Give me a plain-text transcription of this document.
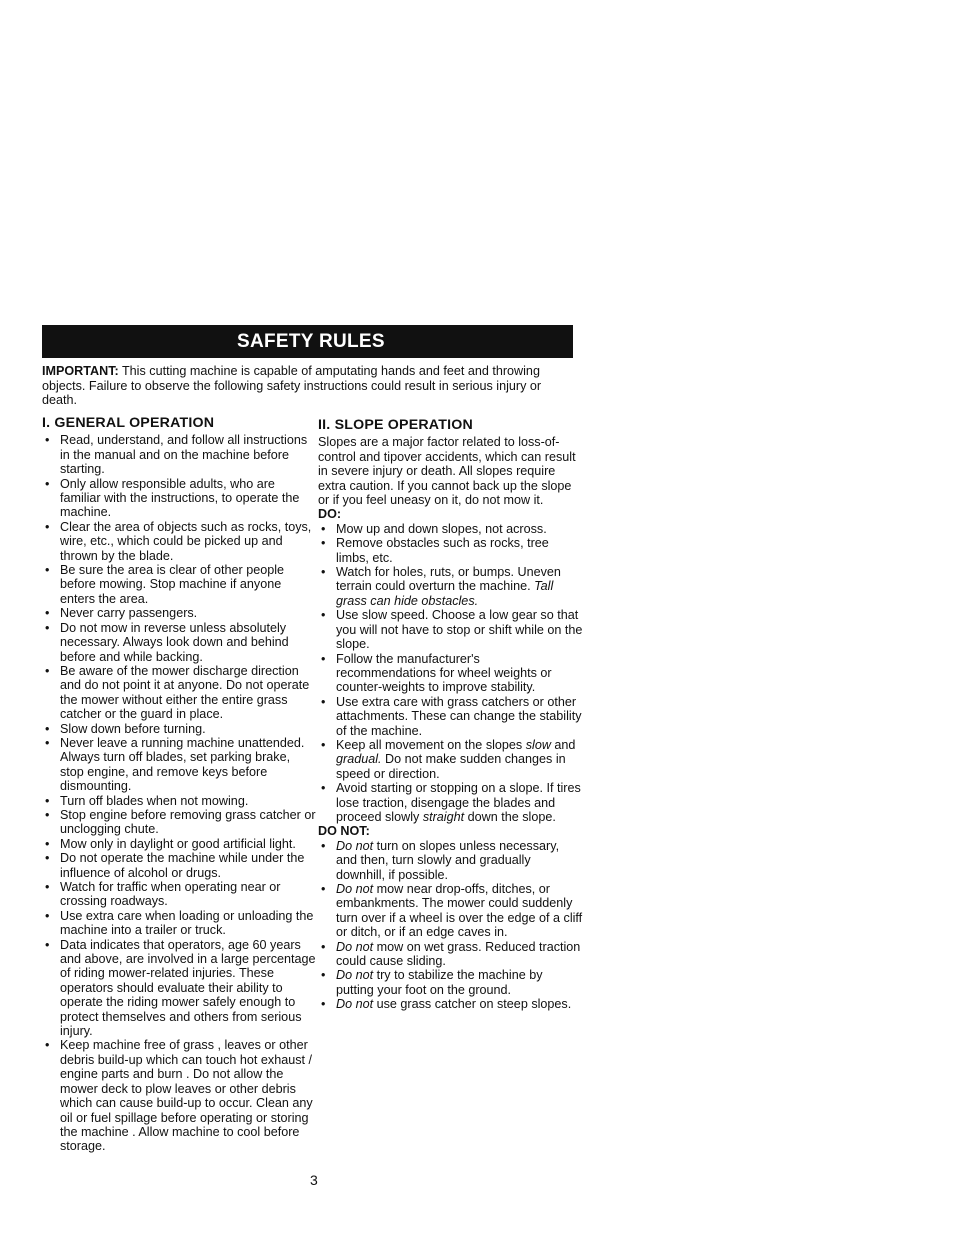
SAFETY RULES
IMPORTANT: This cutting machine is capable of amputating hands and feet and throwing objects. Failure to observe the following safety instructions could result in serious injury or death.
I. GENERAL OPERATION
• Read, understand, and follow all instructions in the manual and on the machine before starting.
• Only allow responsible adults, who are familiar with the instructions, to operate the machine.
• Clear the area of objects such as rocks, toys, wire, etc., which could be picked up and thrown by the blade.
• Be sure the area is clear of other people before mowing. Stop machine if anyone enters the area.
• Never carry passengers.
• Do not mow in reverse unless absolutely necessary. Always look down and behind before and while backing.
• Be aware of the mower discharge direction and do not point it at anyone. Do not operate the mower without either the entire grass catcher or the guard in place.
• Slow down before turning.
• Never leave a running machine unattended. Always turn off blades, set parking brake, stop engine, and remove keys before dismounting.
• Turn off blades when not mowing.
• Stop engine before removing grass catcher or unclogging chute.
• Mow only in daylight or good artificial light.
• Do not operate the machine while under the influence of alcohol or drugs.
• Watch for traffic when operating near or crossing roadways.
• Use extra care when loading or unloading the machine into a trailer or truck.
• Data indicates that operators, age 60 years and above, are involved in a large percentage of riding mower-related injuries. These operators should evaluate their ability to operate the riding mower safely enough to protect themselves and others from serious injury.
• Keep machine free of grass , leaves or other debris build-up which can touch hot exhaust / engine parts and burn . Do not allow the mower deck to plow leaves or other debris which can cause build-up to occur. Clean any oil or fuel spillage before operating or storing the machine . Allow machine to cool before storage.
II. SLOPE OPERATION

Slopes are a major factor related to loss-of-control and tipover accidents, which can result in severe injury or death. All slopes require extra caution. If you cannot back up the slope or if you feel uneasy on it, do not mow it.

DO:

• Mow up and down slopes, not across.
• Remove obstacles such as rocks, tree limbs, etc.
• Watch for holes, ruts, or bumps. Uneven terrain could overturn the machine. Tall grass can hide obstacles.
• Use slow speed. Choose a low gear so that you will not have to stop or shift while on the slope.
• Follow the manufacturer's recommendations for wheel weights or counter-weights to improve stability.
• Use extra care with grass catchers or other attachments. These can change the stability of the machine.
• Keep all movement on the slopes slow and gradual. Do not make sudden changes in speed or direction.
• Avoid starting or stopping on a slope. If tires lose traction, disengage the blades and proceed slowly straight down the slope.

DO NOT:

• Do not turn on slopes unless necessary, and then, turn slowly and gradually downhill, if possible.
• Do not mow near drop-offs, ditches, or embankments. The mower could suddenly turn over if a wheel is over the edge of a cliff or ditch, or if an edge caves in.
• Do not mow on wet grass. Reduced traction could cause sliding.
• Do not try to stabilize the machine by putting your foot on the ground.
• Do not use grass catcher on steep slopes.
3
